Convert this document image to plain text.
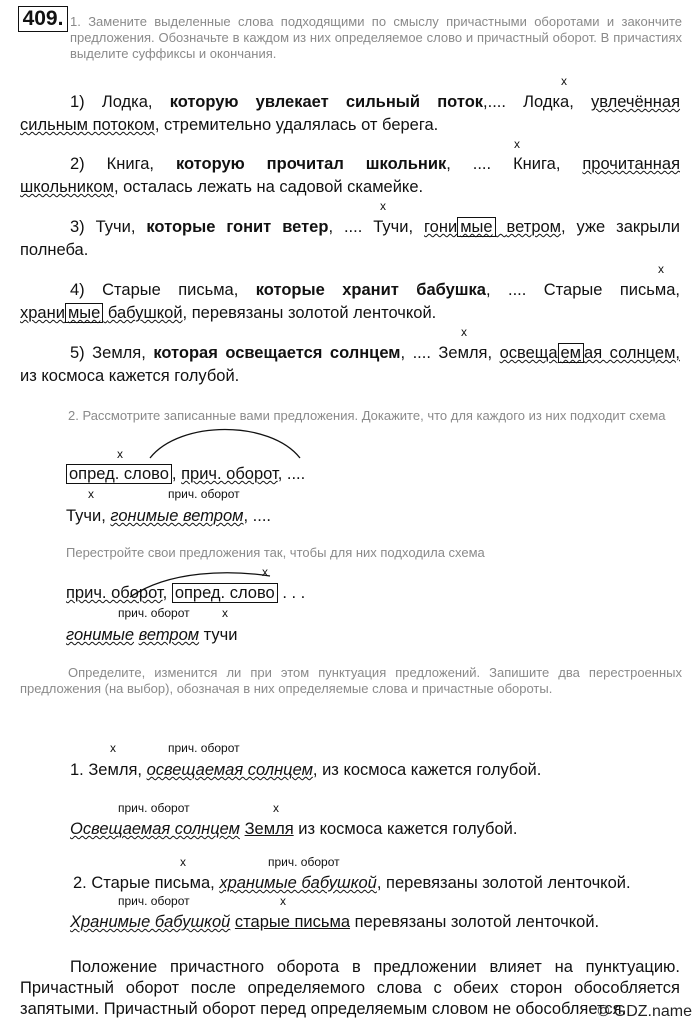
409. 1. Замените выделенные слова подходящими по смыслу причастными оборотами и закончите предложения. Обозначьте в каждом из них определяемое слово и причастный оборот. В причастиях выделите суффиксы и окончания.
x
1) Лодка, которую увлекает сильный поток,.... Лодка, увлечённая
сильным потоком, стремительно удалялась от берега.
x
2) Книга, которую прочитал школьник, .... Книга, прочитанная
школьником, осталась лежать на садовой скамейке.
x
3) Тучи, которые гонит ветер, .... Тучи, гони мые ветром, уже закрыли
полнеба.
x
4) Старые письма, которые хранит бабушка, .... Старые письма,
храни мые бабушкой, перевязаны золотой ленточкой.
x
5) Земля, которая освещается солнцем, .... Земля, освеща ем ая солнцем,
из космоса кажется голубой.
2. Рассмотрите записанные вами предложения. Докажите, что для каждого из них подходит схема
x
опред. слово , прич. оборот, ....
x	прич. оборот
Тучи, гонимые ветром, ....
Перестройте свои предложения так, чтобы для них подходила схема
x
прич. оборот, опред. слово . . .
прич. оборот	x
гонимые ветром тучи
Определите, изменится ли при этом пунктуация предложений. Запишите два перестроенных предложения (на выбор), обозначая в них определяемые слова и причастные обороты.
x	прич. оборот
1. Земля, освещаемая солнцем, из космоса кажется голубой.
прич. оборот	x
Освещаемая солнцем Земля из космоса кажется голубой.
x	прич. оборот
2. Старые письма, хранимые бабушкой, перевязаны золотой ленточкой.
прич. оборот	x
Хранимые бабушкой старые письма перевязаны золотой ленточкой.
Положение причастного оборота в предложении влияет на пунктуацию. Причастный оборот после определяемого слова с обеих сторон обособляется запятыми. Причастный оборот перед определяемым словом не обособляется.
© GDZ.name
